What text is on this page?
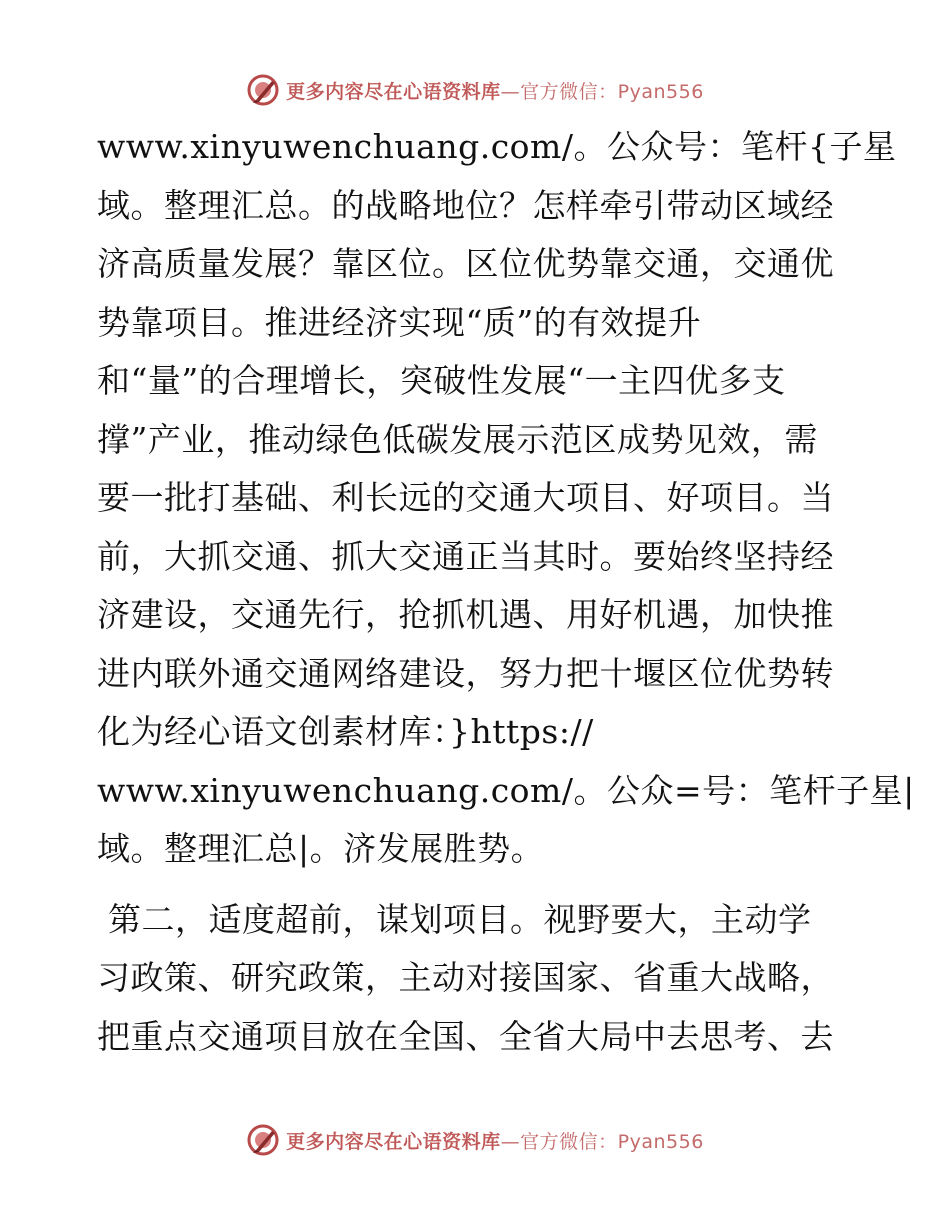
更多内容尽在心语资料库—官方微信：Pyan556
www.xinyuwenchuang.com/。公众号：笔杆{子星
域。整理汇总。的战略地位？怎样牵引带动区域经
济高质量发展？靠区位。区位优势靠交通，交通优
势靠项目。推进经济实现“质”的有效提升
和“量”的合理增长，突破性发展“一主四优多支
撑”产业，推动绿色低碳发展示范区成势见效，需
要一批打基础、利长远的交通大项目、好项目。当
前，大抓交通、抓大交通正当其时。要始终坚持经
济建设，交通先行，抢抓机遇、用好机遇，加快推
进内联外通交通网络建设，努力把十堰区位优势转
化为经心语文创素材库：}https://
www.xinyuwenchuang.com/。公众=号：笔杆子星|
域。整理汇总|。济发展胜势。
第二，适度超前，谋划项目。视野要大，主动学
习政策、研究政策，主动对接国家、省重大战略，
把重点交通项目放在全国、全省大局中去思考、去
更多内容尽在心语资料库—官方微信：Pyan556
